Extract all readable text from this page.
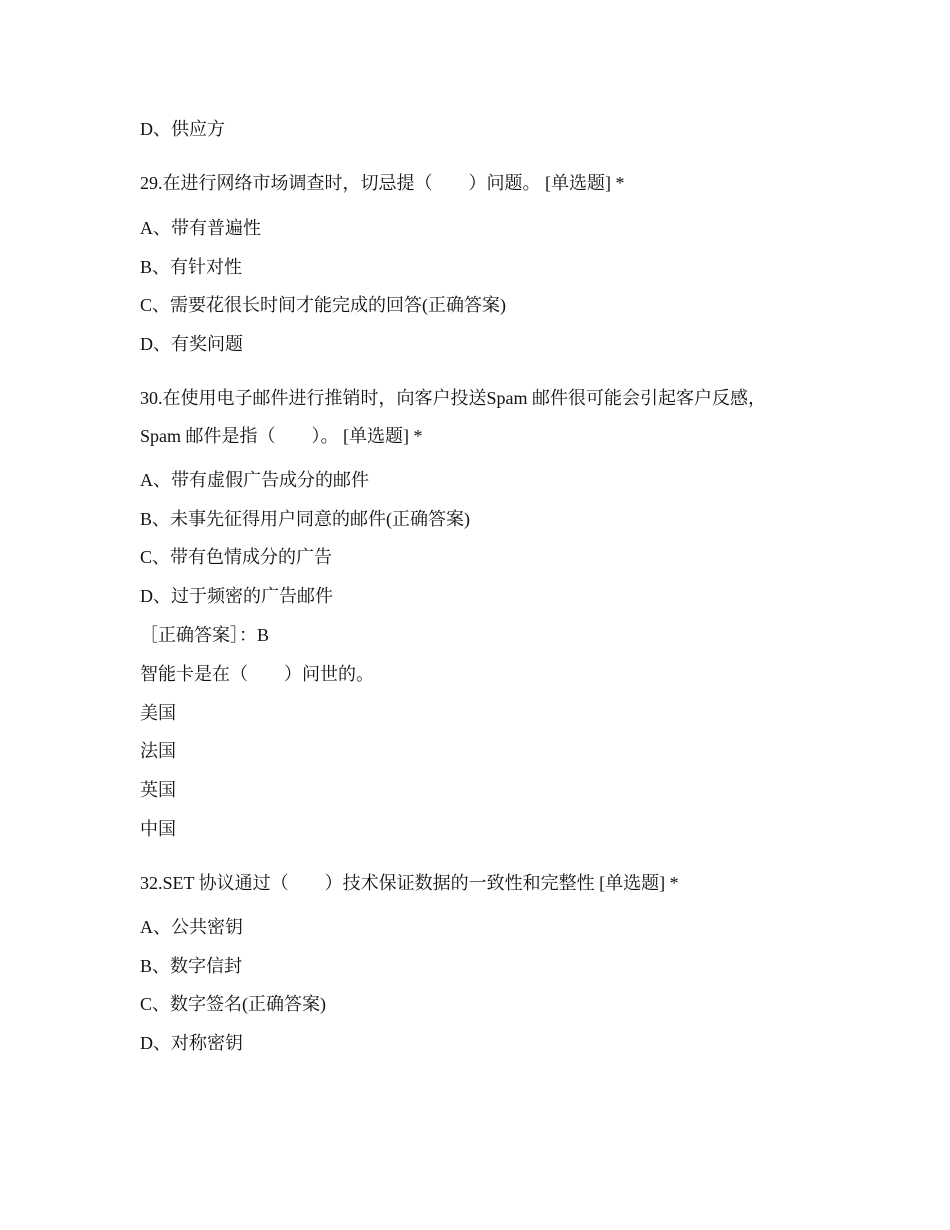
D、供应方
29.在进行网络市场调查时，切忌提（　　）问题。 [单选题] *
A、带有普遍性
B、有针对性
C、需要花很长时间才能完成的回答(正确答案)
D、有奖问题
30.在使用电子邮件进行推销时，向客户投送Spam 邮件很可能会引起客户反感，
Spam 邮件是指（　　）。 [单选题] *
A、带有虚假广告成分的邮件
B、未事先征得用户同意的邮件(正确答案)
C、带有色情成分的广告
D、过于频密的广告邮件
［正确答案］：B
智能卡是在（　　）问世的。
美国
法国
英国
中国
32.SET 协议通过（　　）技术保证数据的一致性和完整性 [单选题] *
A、公共密钥
B、数字信封
C、数字签名(正确答案)
D、对称密钥
